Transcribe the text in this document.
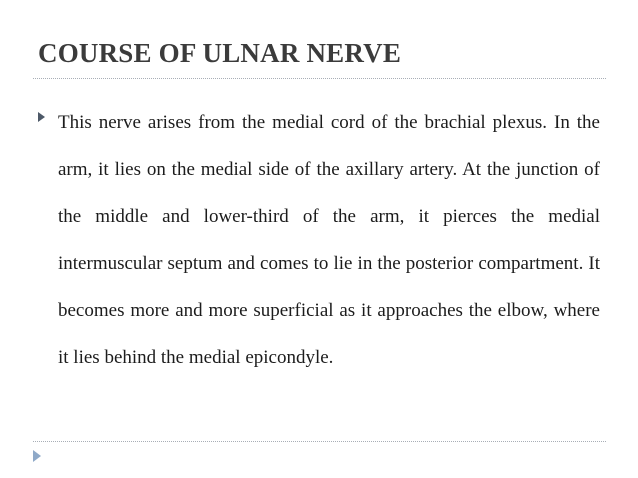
COURSE OF ULNAR NERVE

This nerve arises from the medial cord of the brachial plexus. In the arm, it lies on the medial side of the axillary artery. At the junction of the middle and lower-third of the arm, it pierces the medial intermuscular septum and comes to lie in the posterior compartment. It becomes more and more superficial as it approaches the elbow, where it lies behind the medial epicondyle.
